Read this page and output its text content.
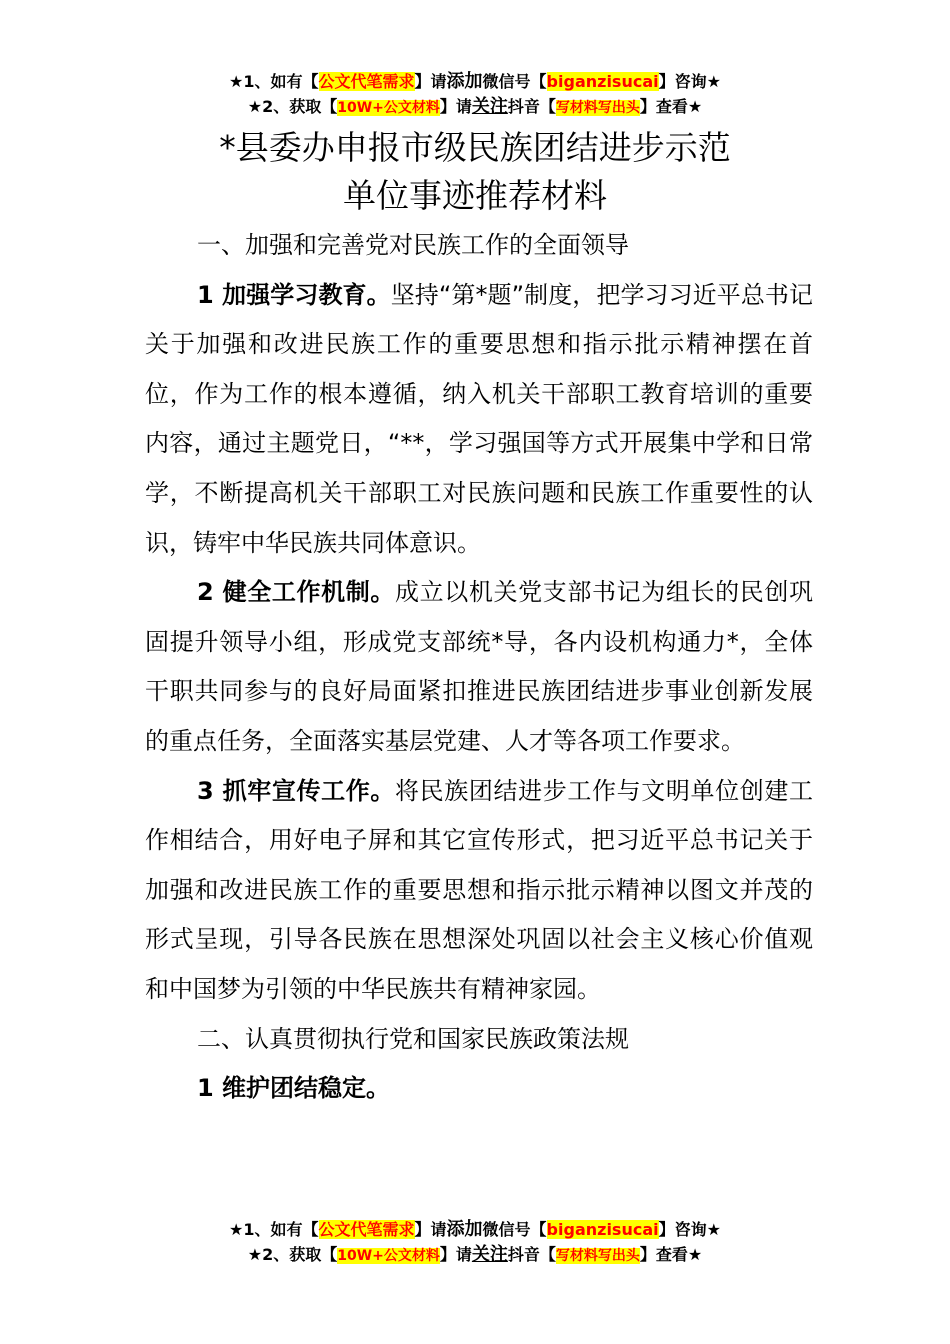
★1、如有【公文代笔需求】请添加微信号【biganzisucai】咨询★
★2、获取【10W+公文材料】请关注抖音【写材料写出头】查看★
*县委办申报市级民族团结进步示范
单位事迹推荐材料

一、加强和完善党对民族工作的全面领导

1 加强学习教育。坚持“第*题”制度，把学习习近平总书记关于加强和改进民族工作的重要思想和指示批示精神摆在首位，作为工作的根本遵循，纳入机关干部职工教育培训的重要内容，通过主题党日，“**，学习强国等方式开展集中学和日常学，不断提高机关干部职工对民族问题和民族工作重要性的认识，铸牢中华民族共同体意识。

2 健全工作机制。成立以机关党支部书记为组长的民创巩固提升领导小组，形成党支部统*导，各内设机构通力*，全体干职共同参与的良好局面紧扣推进民族团结进步事业创新发展的重点任务，全面落实基层党建、人才等各项工作要求。

3 抓牢宣传工作。将民族团结进步工作与文明单位创建工作相结合，用好电子屏和其它宣传形式，把习近平总书记关于加强和改进民族工作的重要思想和指示批示精神以图文并茂的形式呈现，引导各民族在思想深处巩固以社会主义核心价值观和中国梦为引领的中华民族共有精神家园。

二、认真贯彻执行党和国家民族政策法规

1 维护团结稳定。

★1、如有【公文代笔需求】请添加微信号【biganzisucai】咨询★
★2、获取【10W+公文材料】请关注抖音【写材料写出头】查看★
